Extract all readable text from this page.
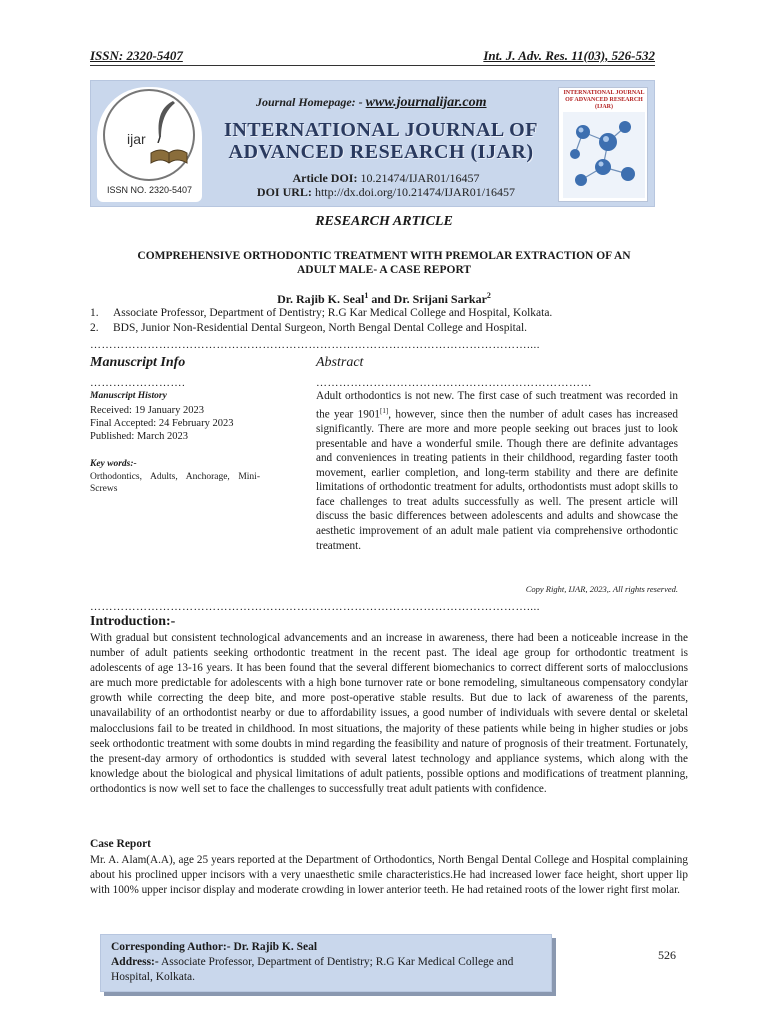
ISSN: 2320-5407	Int. J. Adv. Res. 11(03), 526-532
ijar
ISSN NO. 2320-5407
Journal Homepage: - www.journalijar.com
INTERNATIONAL JOURNAL OF
ADVANCED RESEARCH (IJAR)
Article DOI: 10.21474/IJAR01/16457
DOI URL: http://dx.doi.org/10.21474/IJAR01/16457
INTERNATIONAL JOURNAL OF ADVANCED RESEARCH (IJAR)
RESEARCH ARTICLE
COMPREHENSIVE ORTHODONTIC TREATMENT WITH PREMOLAR EXTRACTION OF AN
ADULT MALE- A CASE REPORT
Dr. Rajib K. Seal$^1$ and Dr. Srijani Sarkar$^2$
1. Associate Professor, Department of Dentistry; R.G Kar Medical College and Hospital, Kolkata.
2. BDS, Junior Non-Residential Dental Surgeon, North Bengal Dental College and Hospital.
……………………………………………………………………………………………………....
Manuscript Info	Abstract
…………………….	………………………………………………………………
Manuscript History
Received: 19 January 2023
Final Accepted: 24 February 2023
Published: March 2023
Key words:-
Orthodontics, Adults, Anchorage, Mini-Screws
Adult orthodontics is not new. The first case of such treatment was recorded in the year 1901[1], however, since then the number of adult cases has increased significantly. There are more and more people seeking out braces just to look presentable and have a wonderful smile. Though there are definite advantages and conveniences in treating patients in their childhood, regarding faster tooth movement, earlier completion, and long-term stability and there are definite limitations of orthodontic treatment for adults, orthodontists must adopt skills to face challenges to treat adults successfully as well. The present article will discuss the basic differences between adolescents and adults and showcase the aesthetic improvement of an adult male patient via comprehensive orthodontic treatment.
Copy Right, IJAR, 2023,. All rights reserved.
……………………………………………………………………………………………………....
Introduction:-
With gradual but consistent technological advancements and an increase in awareness, there had been a noticeable increase in the number of adult patients seeking orthodontic treatment in the recent past. The ideal age group for orthodontic treatment is adolescents of age 13-16 years. It has been found that the several different biomechanics to correct different sorts of malocclusions are much more predictable for adolescents with a high bone turnover rate or bone remodeling, simultaneous compensatory condylar growth while correcting the deep bite, and more post-operative stable results. But due to lack of awareness of the parents, unavailability of an orthodontist nearby or due to affordability issues, a good number of individuals with severe dental or skeletal malocclusions fail to be treated in childhood. In most situations, the majority of these patients while being in higher studies or jobs seek orthodontic treatment with some doubts in mind regarding the feasibility and nature of prognosis of their treatment. Fortunately, the present-day armory of orthodontics is studded with several latest technology and appliance systems, which along with the knowledge about the biological and physical limitations of adult patients, possible options and modifications of treatment planning, orthodontics is now well set to face the challenges to successfully treat adult patients with confidence.
Case Report
Mr. A. Alam(A.A), age 25 years reported at the Department of Orthodontics, North Bengal Dental College and Hospital complaining about his proclined upper incisors with a very unaesthetic smile characteristics.He had increased lower face height, short upper lip with 100% upper incisor display and moderate crowding in lower anterior teeth. He had retained roots of the lower right first molar.
Corresponding Author:- Dr. Rajib K. Seal
Address:- Associate Professor, Department of Dentistry; R.G Kar Medical College and Hospital, Kolkata.
526
